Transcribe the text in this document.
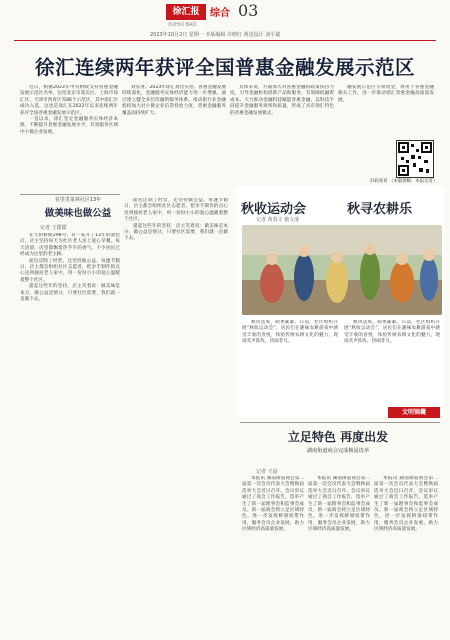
徐汇报	综合 03
XUHUI BAO
2023年10月2日 星期一 本版编辑 许晴红 视觉设计 刘平斌
徐汇连续两年获评全国普惠金融发展示范区

近日，根据2023年中央财政支持普惠金融发展示范区名单，包括北京市延庆区、上海市徐汇区、天津市西青区等86个示范区，其中徐汇区成功入选，这也是徐汇在2022年以来连续两年获评全国普惠金融发展示范区。

一直以来，徐汇坚定金融服务实体经济本源，不断提升普惠金融发展水平，有效服务区域中小微企业发展。

效显著。2023年徐汇再出实招，普惠金融发展持续深化，金融服务实体经济能力进一步增强。通过建立健全多层次融资服务体系，推动银行业金融机构加大对小微企业信贷投放力度，普惠金融服务覆盖面持续扩大。

具体来说，方面加大对普惠金融的政策扶持力度，引导金融机构创新产品和服务，有效降低融资成本。大力推动金融科技赋能普惠金融，以科技手段提升金融服务效率和质量，形成了具有徐汇特色的普惠金融发展模式。

融发展示范区专项资金，将用于普惠金融相关工作，进一步推动徐汇普惠金融高质量发展。

扫码查看 （本版供稿：本报记者）
看里里菜林社区13年
做美味也做公益
记者 王甜甜

在天钥桥路298号，有一家开了13年的面包店，店主坚持每天为社区老人送上爱心早餐。每天清晨，店里都飘着热乎乎的香气，不少居民已经成为这里的老主顾。

面包店除了经营，还坚持做公益。每逢节假日，店主都会组织社区志愿者，把亲手制作的点心送到独居老人家中，用一份份小小的爱心温暖着整个社区。

提起这些年的坚持，店主笑着说：做美味是本分，做公益是情分，只要社区需要，我们就一直做下去。

面包店除了经营，还坚持做公益。每逢节假日，店主都会组织社区志愿者，把亲手制作的点心送到独居老人家中，用一份份小小的爱心温暖着整个社区。

提起这些年的坚持，店主笑着说：做美味是本分，做公益是情分，只要社区需要，我们就一直做下去。

秋收运动会	秋寻农耕乐
记者 黄春文 施文成

秋风送爽，硕果累累。日前，社区组织开展“秋收运动会”，居民们在趣味农耕游戏中感受丰收的喜悦，体验传统农耕文化的魅力，现场笑声阵阵，热闹非凡。

秋风送爽，硕果累累。日前，社区组织开展“秋收运动会”，居民们在趣味农耕游戏中感受丰收的喜悦，体验传统农耕文化的魅力，现场笑声阵阵，热闹非凡。

文明锦囊
立足特色 再度出发
湖南街道商会完成换届选举
记者 王晨

本报讯 湖南街道商会第二届第一次会员代表大会暨换届选举大会近日召开。会议审议通过了商会工作报告，选举产生了新一届理事会和监事会成员。新一届商会将立足区域特色，进一步发挥桥梁纽带作用，服务会员企业发展，助力区域经济高质量发展。

本报讯 湖南街道商会第二届第一次会员代表大会暨换届选举大会近日召开。会议审议通过了商会工作报告，选举产生了新一届理事会和监事会成员。新一届商会将立足区域特色，进一步发挥桥梁纽带作用，服务会员企业发展，助力区域经济高质量发展。

本报讯 湖南街道商会第二届第一次会员代表大会暨换届选举大会近日召开。会议审议通过了商会工作报告，选举产生了新一届理事会和监事会成员。新一届商会将立足区域特色，进一步发挥桥梁纽带作用，服务会员企业发展，助力区域经济高质量发展。
